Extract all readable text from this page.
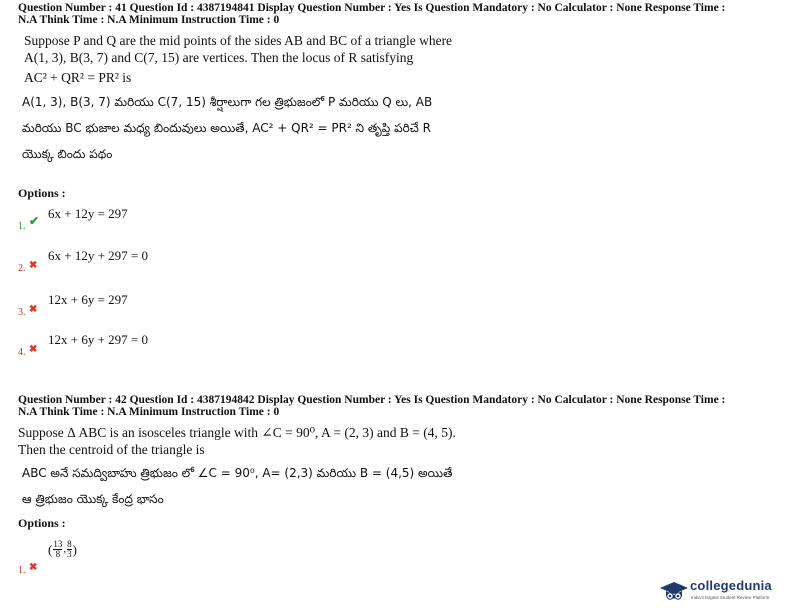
Question Number : 41 Question Id : 4387194841 Display Question Number : Yes Is Question Mandatory : No Calculator : None Response Time :
N.A Think Time : N.A Minimum Instruction Time : 0
Suppose P and Q are the mid points of the sides AB and BC of a triangle where
A(1, 3), B(3, 7) and C(7, 15) are vertices. Then the locus of R satisfying
AC² + QR² = PR² is
A(1, 3), B(3, 7) మరియు C(7, 15) శీర్షాలుగా గల త్రిభుజంలో P మరియు Q లు, AB
మరియు BC భుజాల మధ్య బిందువులు అయితే, AC² + QR² = PR² ని తృప్తి పరిచే R
యొక్క బిందు పథం
Options :
1. ✔ 6x + 12y = 297
2. ✖
6x + 12y + 297 = 0
3. ✖
12x + 6y = 297
4. ✖
12x + 6y + 297 = 0
Question Number : 42 Question Id : 4387194842 Display Question Number : Yes Is Question Mandatory : No Calculator : None Response Time :
N.A Think Time : N.A Minimum Instruction Time : 0
Suppose Δ ABC is an isosceles triangle with ∠C = 90⁰, A = (2, 3) and B = (4, 5).
Then the centroid of the triangle is
ABC అనే సమద్విబాహు త్రిభుజం లో ∠C = 90⁰, A= (2,3) మరియు B = (4,5) అయితే
ఆ త్రిభుజం యొక్క కేంద్ర భాసం
Options :
1. ✖
( $\frac{13}{8}$ , $\frac{8}{3}$ )
collegedunia
India's largest Student Review Platform
